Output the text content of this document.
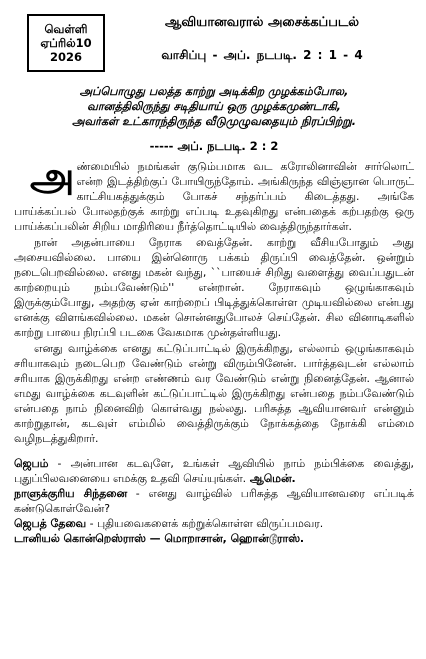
வெள்ளி
ஏப்ரில்10
2026
ஆவியானவரால் அசைக்கப்படல்
வாசிப்பு - அப். நடபடி. 2 : 1 - 4
அப்பொழுது பலத்த காற்று அடிக்கிற முழக்கம்போல,
வானத்திலிருந்து சடிதியாய் ஒரு முழக்கமுண்டாகி,
அவர்கள் உட்காரந்திருந்த வீடுமுழுவதையும் நிரப்பிற்று.
----- அப். நடபடி. 2 : 2

அண்மையில் நமங்கள் குடும்பமாக வட கரோலினாவின் சார்லொட் என்ற இடத்திற்குப் போயிருந்தோம். அங்கிருந்த விஞ்ஞான பொருட் காட்சியகத்துக்கும் போகச் சந்தர்ப்பம் கிடைத்தது. அங்கே பாய்க்கப்பல் போலதற்குக் காற்று எப்படி உதவுகிறது என்பதைக் கற்பதற்கு ஒரு பாய்க்கப்பலின் சிறிய மாதிரியை நீர்த்தொட்டியில் வைத்திருந்தார்கள்.

நான் அதன்பாயை நேராக வைத்தேன். காற்று வீசியபோதும் அது அசையவில்லை. பாயை இன்னொரு பக்கம் திருப்பி வைத்தேன். ஒன்றும் நடைபெறவில்லை. எனது மகன் வந்து, ``பாயைச் சிறிது வளைத்து வைப்பதுடன் காற்றையும் நம்பவேண்டும்'' என்றான். நேராகவும் ஒழுங்காகவும் இருக்கும்போது, அதற்கு ஏன் காற்றைப் பிடித்துக்கொள்ள முடியவில்லை என்பது எனக்கு விளங்கவில்லை. மகன் சொன்னதுபோலச் செய்தேன். சில வினாடிகளில் காற்று பாயை நிரப்பி படகை வேகமாக முன்தள்ளியது.

எனது வாழ்க்கை எனது கட்டுப்பாட்டில் இருக்கிறது, எல்லாம் ஒழுங்காகவும் சரியாகவும் நடைபெற வேண்டும் என்று விரும்பினேன். பார்த்தவுடன் எல்லாம் சரியாக இருக்கிறது என்ற எண்ணம் வர வேண்டும் என்று நினைத்தேன். ஆனால் எமது வாழ்க்கை கடவுளின் கட்டுப்பாட்டில் இருக்கிறது என்பதை நம்பவேண்டும் என்பதை நாம் நினைவிற் கொள்வது நல்லது. பரிசுத்த ஆவியானவர் என்னும் காற்றுதான், கடவுள் எம்மில் வைத்திருக்கும் நோக்கத்தை நோக்கி எம்மை வழிநடத்துகிறார்.

ஜெபம் - அன்பான கடவுளே, உங்கள் ஆவியில் நாம் நம்பிக்கை வைத்து, புதுப்பிலவனையை எமக்கு உதவி செய்யுங்கள். ஆமென்.

நாளுக்குரிய சிந்தனை - எனது வாழ்வில் பரிசுத்த ஆவியானவரை எப்படிக் கண்டுகொள்வேன்?

ஜெபத் தேவை - புதியவைகளைக் கற்றுக்கொள்ள விருப்பமவர.

டானியல் கொன்றெஸ்ராஸ் — மொறாசான், ஹொன்டூராஸ்.
